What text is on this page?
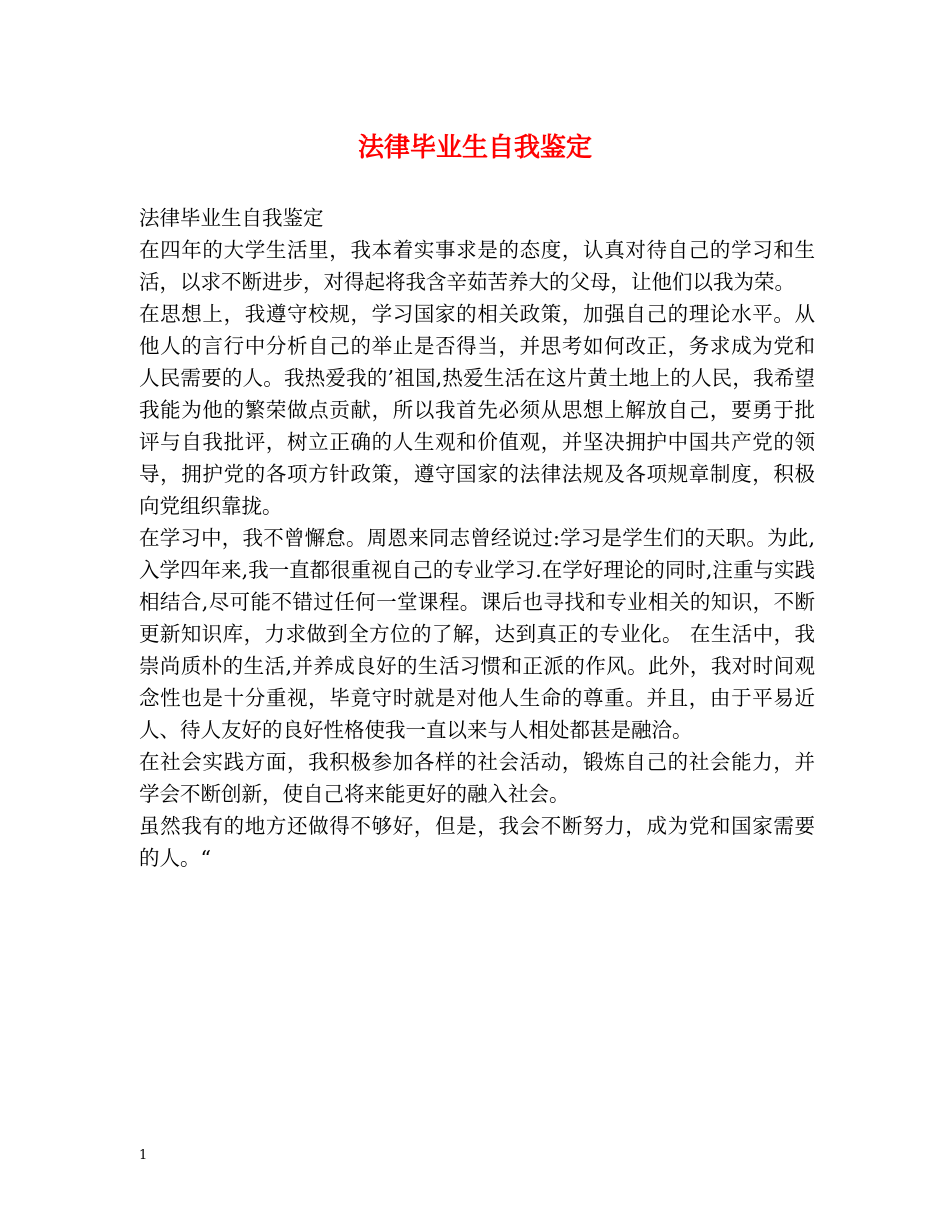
法律毕业生自我鉴定

法律毕业生自我鉴定

在四年的大学生活里，我本着实事求是的态度，认真对待自己的学习和生活，以求不断进步，对得起将我含辛茹苦养大的父母，让他们以我为荣。

在思想上，我遵守校规，学习国家的相关政策，加强自己的理论水平。从他人的言行中分析自己的举止是否得当，并思考如何改正，务求成为党和人民需要的人。我热爱我的’祖国,热爱生活在这片黄土地上的人民，我希望我能为他的繁荣做点贡献，所以我首先必须从思想上解放自己，要勇于批评与自我批评，树立正确的人生观和价值观，并坚决拥护中国共产党的领导，拥护党的各项方针政策，遵守国家的法律法规及各项规章制度，积极向党组织靠拢。

在学习中，我不曾懈怠。周恩来同志曾经说过:学习是学生们的天职。为此,入学四年来,我一直都很重视自己的专业学习.在学好理论的同时,注重与实践相结合,尽可能不错过任何一堂课程。课后也寻找和专业相关的知识，不断更新知识库，力求做到全方位的了解，达到真正的专业化。 在生活中，我崇尚质朴的生活,并养成良好的生活习惯和正派的作风。此外，我对时间观念性也是十分重视，毕竟守时就是对他人生命的尊重。并且，由于平易近人、待人友好的良好性格使我一直以来与人相处都甚是融洽。

在社会实践方面，我积极参加各样的社会活动，锻炼自己的社会能力，并学会不断创新，使自己将来能更好的融入社会。

虽然我有的地方还做得不够好，但是，我会不断努力，成为党和国家需要的人。“

1
